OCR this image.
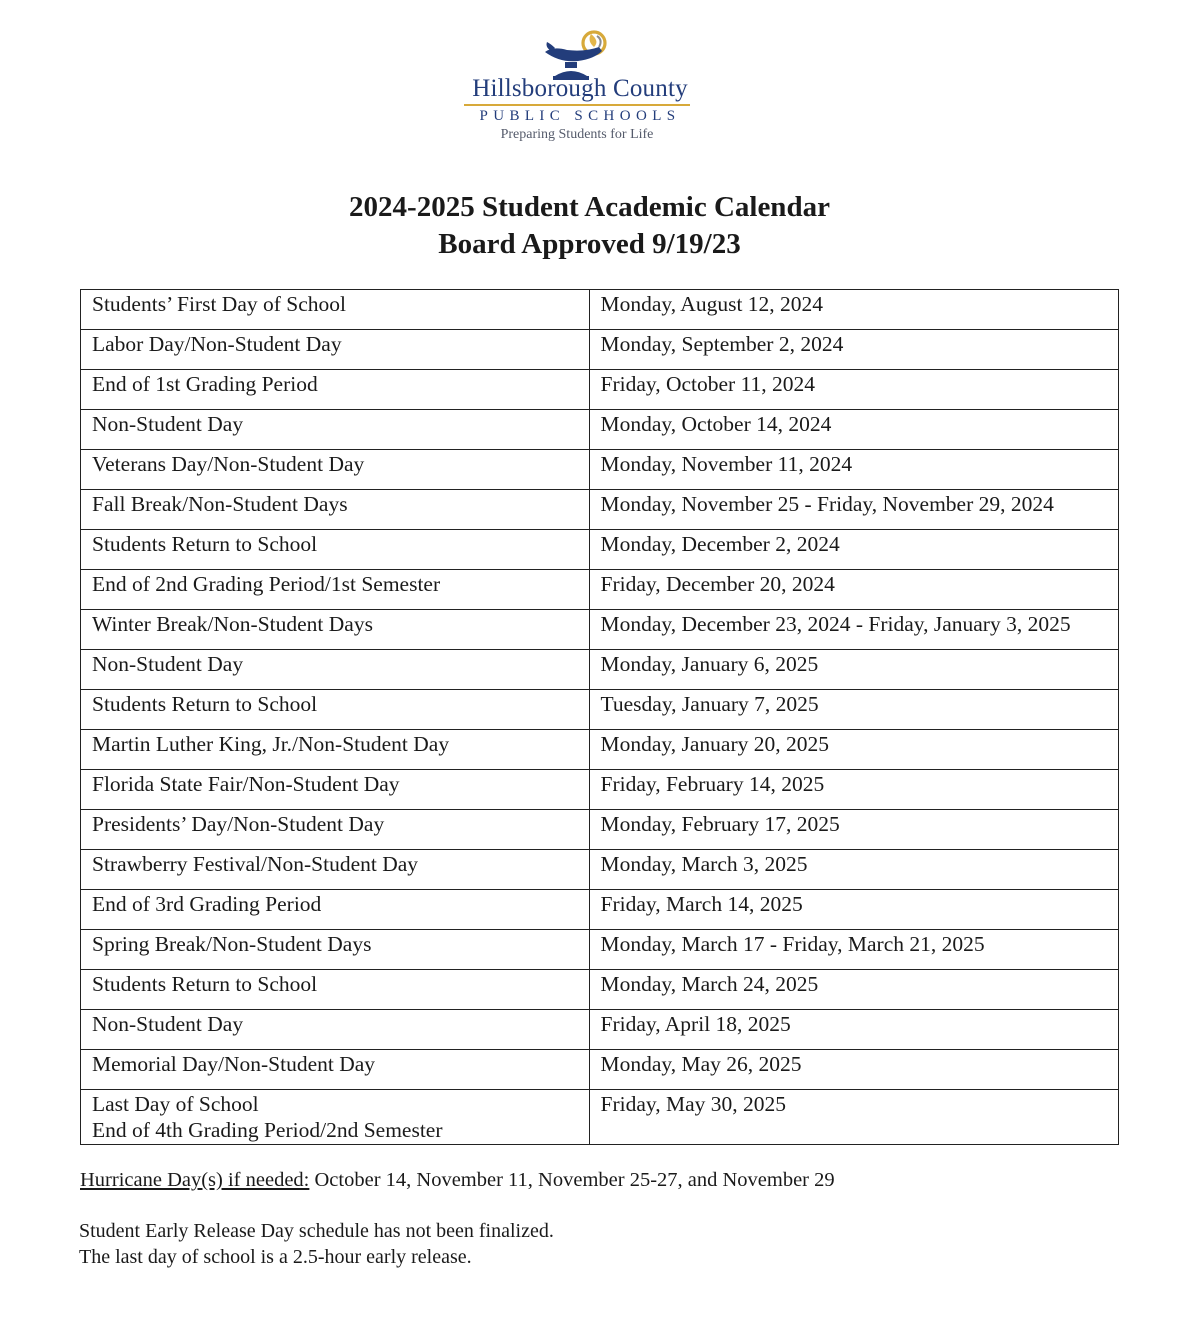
Hillsborough County
PUBLIC SCHOOLS
Preparing Students for Life
2024-2025 Student Academic Calendar
Board Approved 9/19/23
Students’ First Day of School	Monday, August 12, 2024
Labor Day/Non-Student Day	Monday, September 2, 2024
End of 1st Grading Period	Friday, October 11, 2024
Non-Student Day	Monday, October 14, 2024
Veterans Day/Non-Student Day	Monday, November 11, 2024
Fall Break/Non-Student Days	Monday, November 25 - Friday, November 29, 2024
Students Return to School	Monday, December 2, 2024
End of 2nd Grading Period/1st Semester	Friday, December 20, 2024
Winter Break/Non-Student Days	Monday, December 23, 2024 - Friday, January 3, 2025
Non-Student Day	Monday, January 6, 2025
Students Return to School	Tuesday, January 7, 2025
Martin Luther King, Jr./Non-Student Day	Monday, January 20, 2025
Florida State Fair/Non-Student Day	Friday, February 14, 2025
Presidents’ Day/Non-Student Day	Monday, February 17, 2025
Strawberry Festival/Non-Student Day	Monday, March 3, 2025
End of 3rd Grading Period	Friday, March 14, 2025
Spring Break/Non-Student Days	Monday, March 17 - Friday, March 21, 2025
Students Return to School	Monday, March 24, 2025
Non-Student Day	Friday, April 18, 2025
Memorial Day/Non-Student Day	Monday, May 26, 2025

Last Day of School
End of 4th Grading Period/2nd Semester	Friday, May 30, 2025
Hurricane Day(s) if needed: October 14, November 11, November 25-27, and November 29
Student Early Release Day schedule has not been finalized.
The last day of school is a 2.5-hour early release.
